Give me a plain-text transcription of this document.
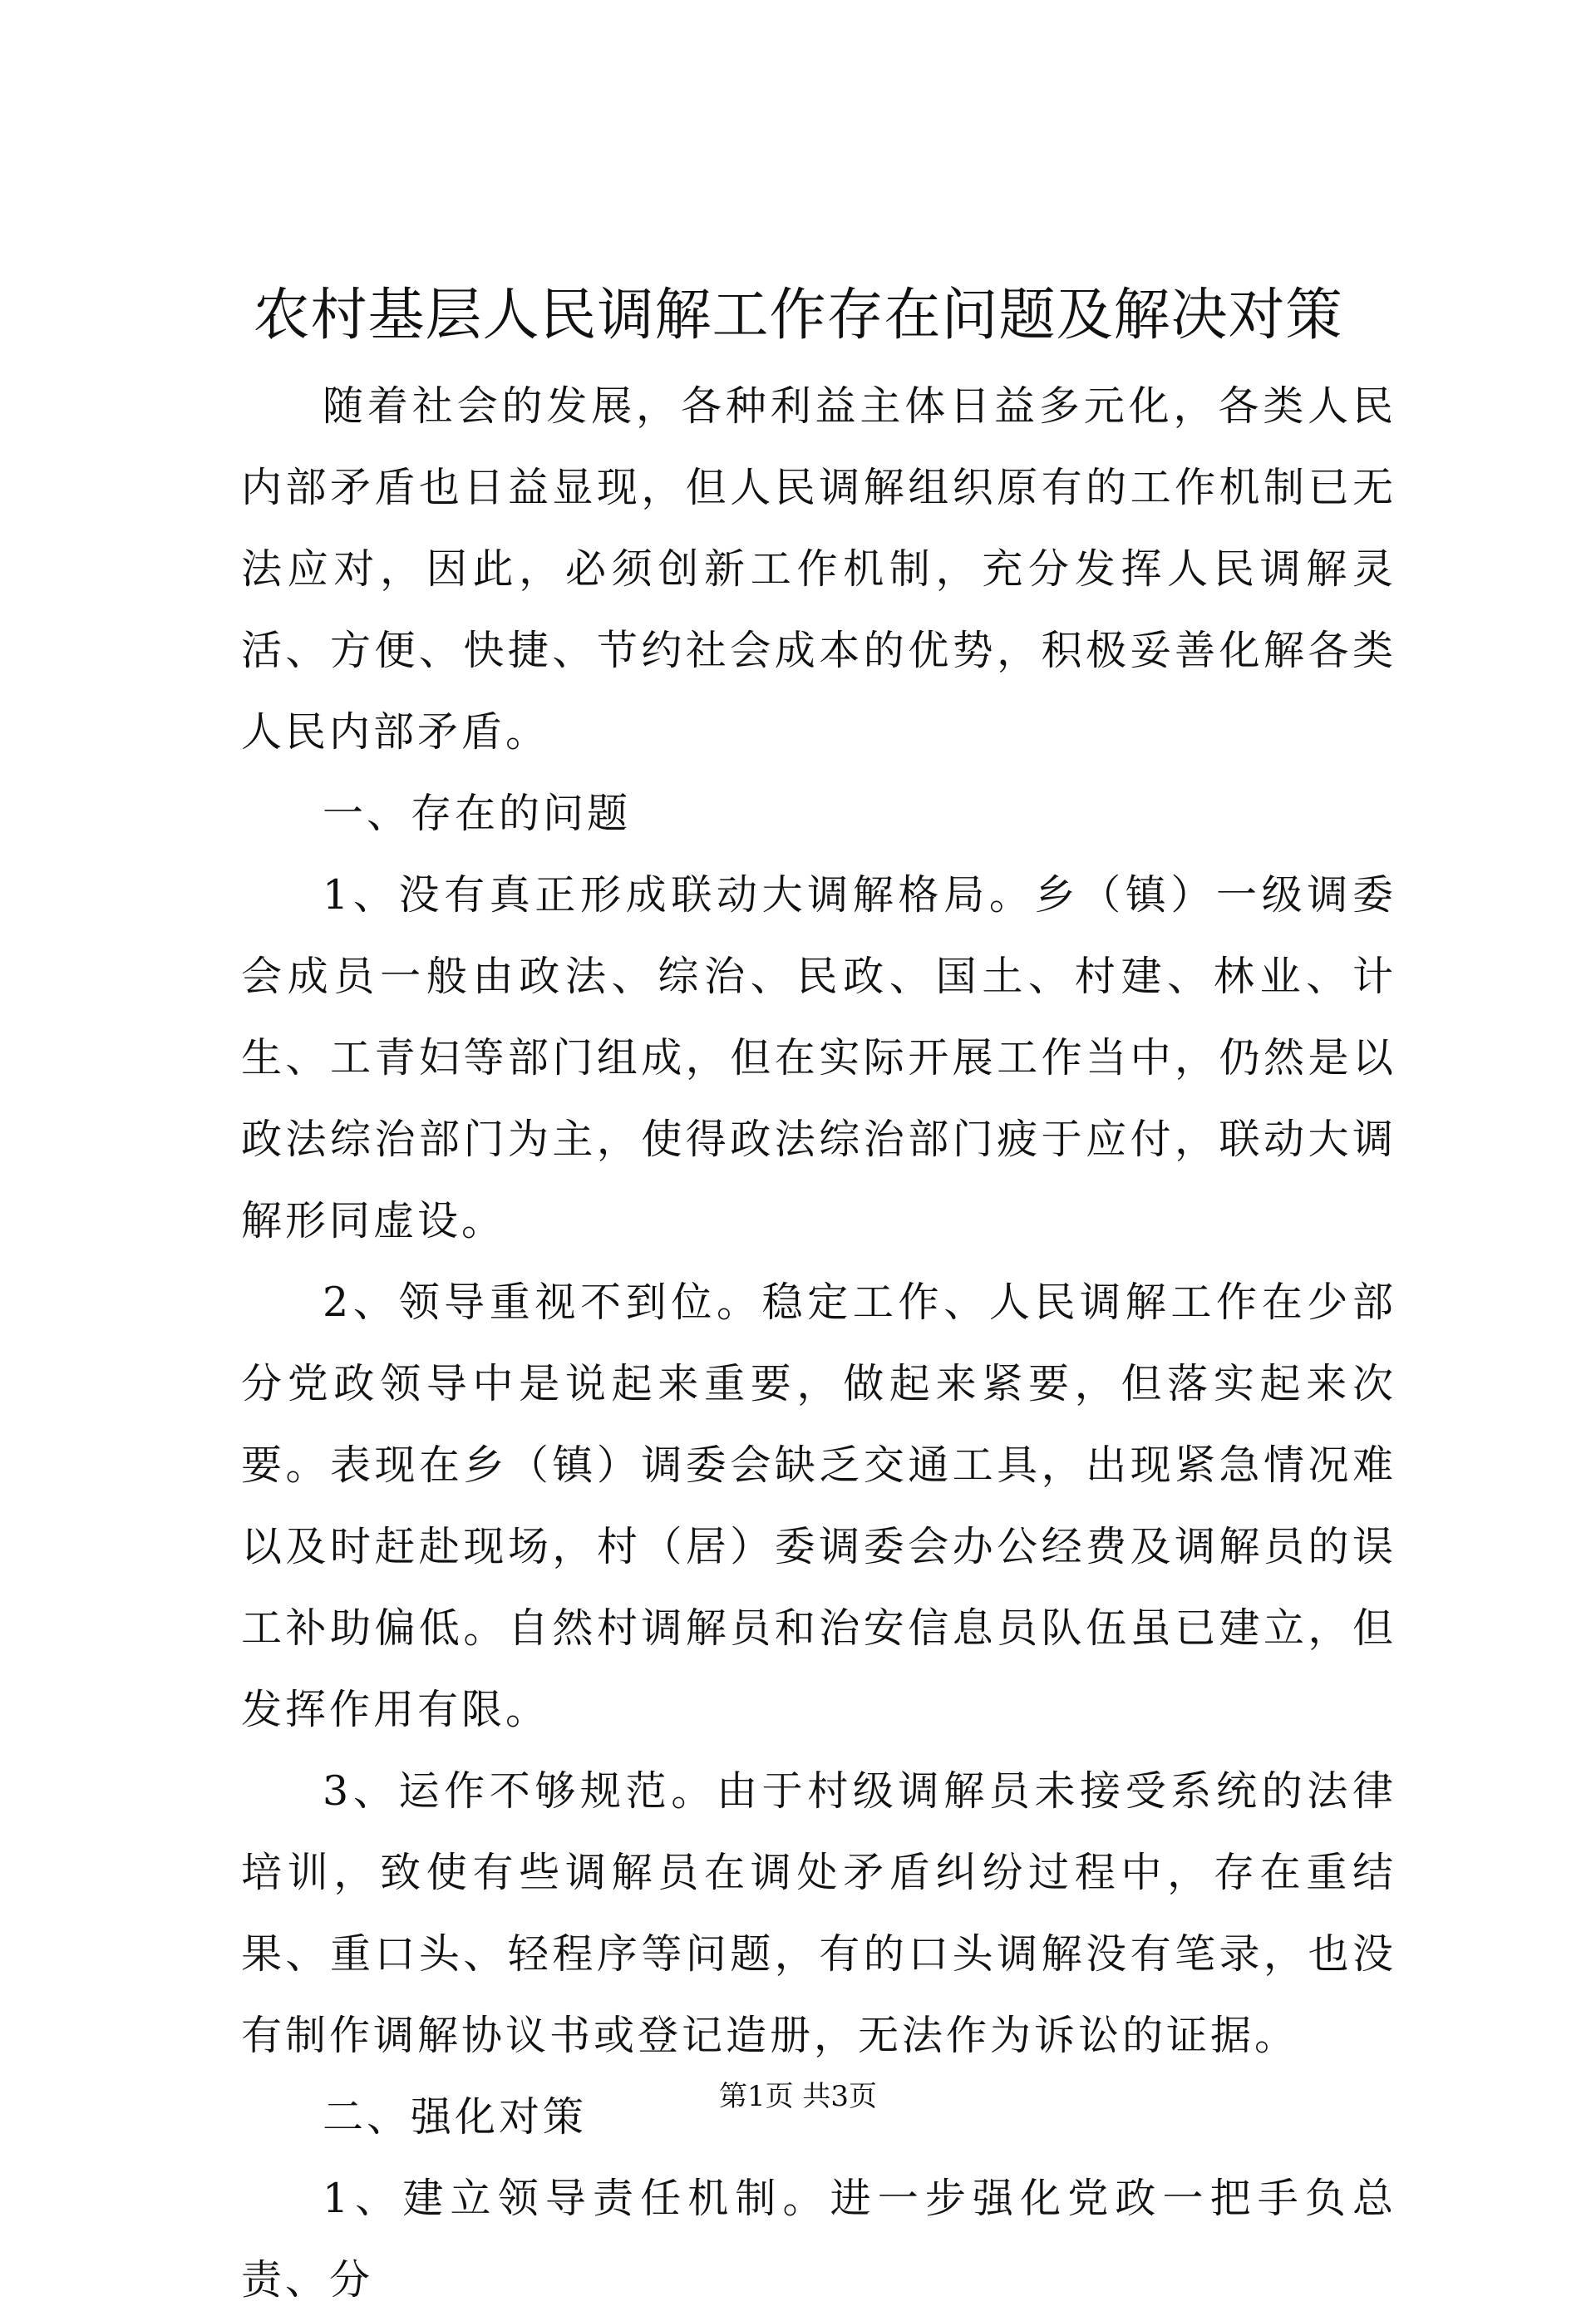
农村基层人民调解工作存在问题及解决对策

随着社会的发展，各种利益主体日益多元化，各类人民内部矛盾也日益显现，但人民调解组织原有的工作机制已无法应对，因此，必须创新工作机制，充分发挥人民调解灵活、方便、快捷、节约社会成本的优势，积极妥善化解各类人民内部矛盾。

一、存在的问题

1、没有真正形成联动大调解格局。乡（镇）一级调委会成员一般由政法、综治、民政、国土、村建、林业、计生、工青妇等部门组成，但在实际开展工作当中，仍然是以政法综治部门为主，使得政法综治部门疲于应付，联动大调解形同虚设。

2、领导重视不到位。稳定工作、人民调解工作在少部分党政领导中是说起来重要，做起来紧要，但落实起来次要。表现在乡（镇）调委会缺乏交通工具，出现紧急情况难以及时赶赴现场，村（居）委调委会办公经费及调解员的误工补助偏低。自然村调解员和治安信息员队伍虽已建立，但发挥作用有限。

3、运作不够规范。由于村级调解员未接受系统的法律培训，致使有些调解员在调处矛盾纠纷过程中，存在重结果、重口头、轻程序等问题，有的口头调解没有笔录，也没有制作调解协议书或登记造册，无法作为诉讼的证据。

二、强化对策

1、建立领导责任机制。进一步强化党政一把手负总责、分

第1页 共3页
